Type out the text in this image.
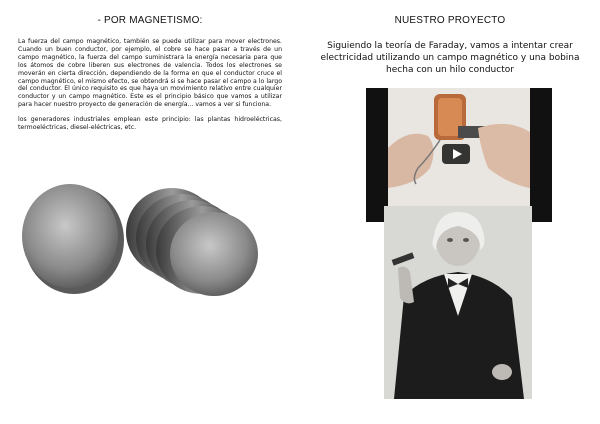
- POR MAGNETISMO:

La fuerza del campo magnético, también se puede utilizar para mover electrones. Cuando un buen conductor, por ejemplo, el cobre se hace pasar a través de un campo magnético, la fuerza del campo suministrara la energía necesaria para que los átomos de cobre liberen sus electrones de valencia. Todos los electrones se moverán en cierta dirección, dependiendo de la forma en que el conductor cruce el campo magnético, el mismo efecto, se obtendrá si se hace pasar el campo a lo largo del conductor. El único requisito es que haya un movimiento relativo entre cualquier conductor y un campo magnético. Este es el principio básico que vamos a utilizar para hacer nuestro proyecto de generación de energía... vamos a ver si funciona.

los generadores industriales emplean este principio: las plantas hidroeléctricas, termoeléctricas, diesel-eléctricas, etc.

NUESTRO PROYECTO
Siguiendo la teoría de Faraday, vamos a intentar crear electricidad utilizando un campo magnético y una bobina hecha con un hilo conductor
